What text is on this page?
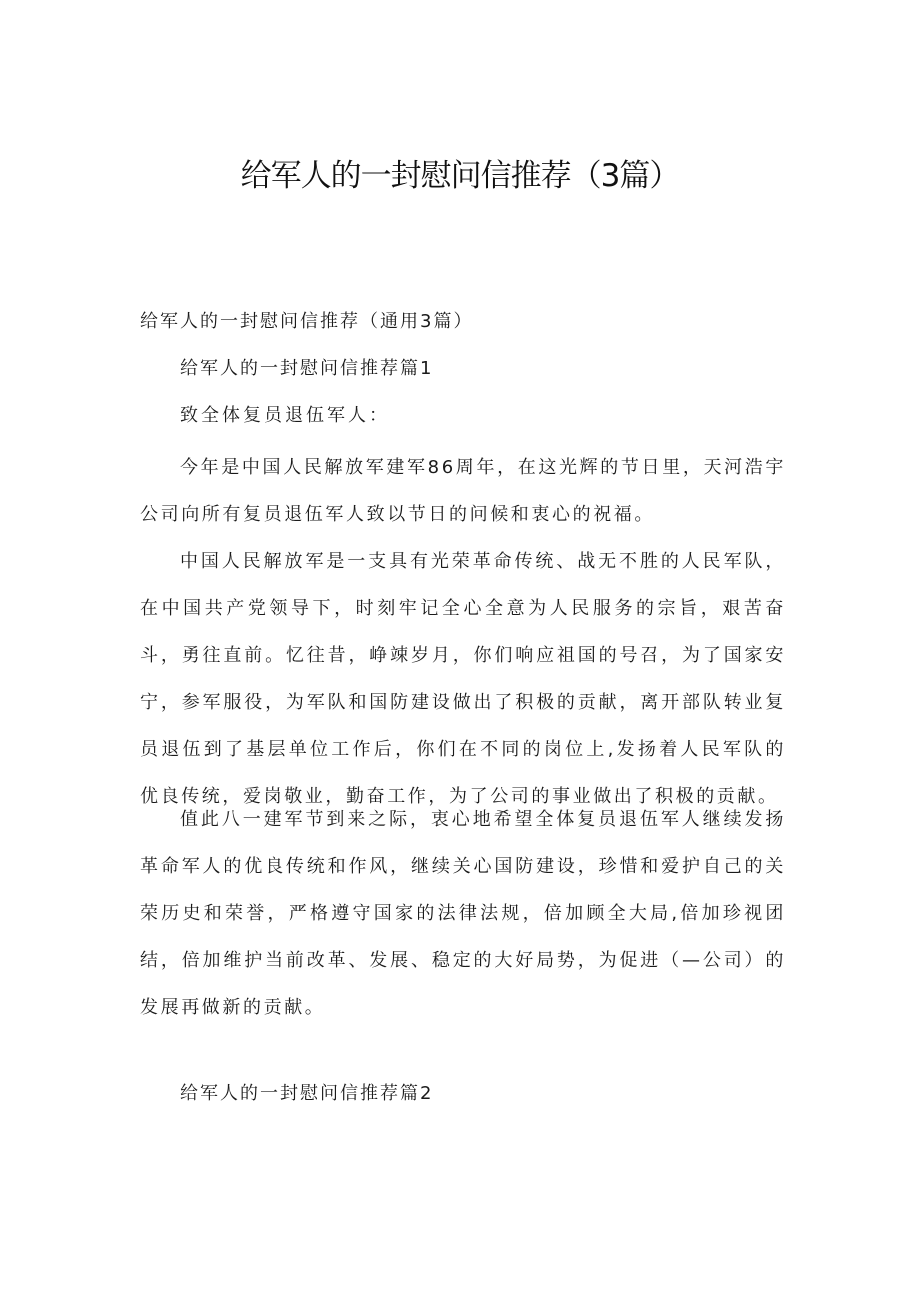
给军人的一封慰问信推荐（3篇）

给军人的一封慰问信推荐（通用3篇）

给军人的一封慰问信推荐篇1

致全体复员退伍军人：

今年是中国人民解放军建军86周年，在这光辉的节日里，天河浩宇公司向所有复员退伍军人致以节日的问候和衷心的祝福。

中国人民解放军是一支具有光荣革命传统、战无不胜的人民军队，在中国共产党领导下，时刻牢记全心全意为人民服务的宗旨，艰苦奋斗，勇往直前。忆往昔，峥竦岁月，你们响应祖国的号召，为了国家安宁，参军服役，为军队和国防建设做出了积极的贡献，离开部队转业复员退伍到了基层单位工作后，你们在不同的岗位上,发扬着人民军队的优良传统，爱岗敬业，勤奋工作，为了公司的事业做出了积极的贡献。

值此八一建军节到来之际，衷心地希望全体复员退伍军人继续发扬革命军人的优良传统和作风，继续关心国防建设，珍惜和爱护自己的关荣历史和荣誉，严格遵守国家的法律法规，倍加顾全大局,倍加珍视团结，倍加维护当前改革、发展、稳定的大好局势，为促进（—公司）的发展再做新的贡献。

给军人的一封慰问信推荐篇2
